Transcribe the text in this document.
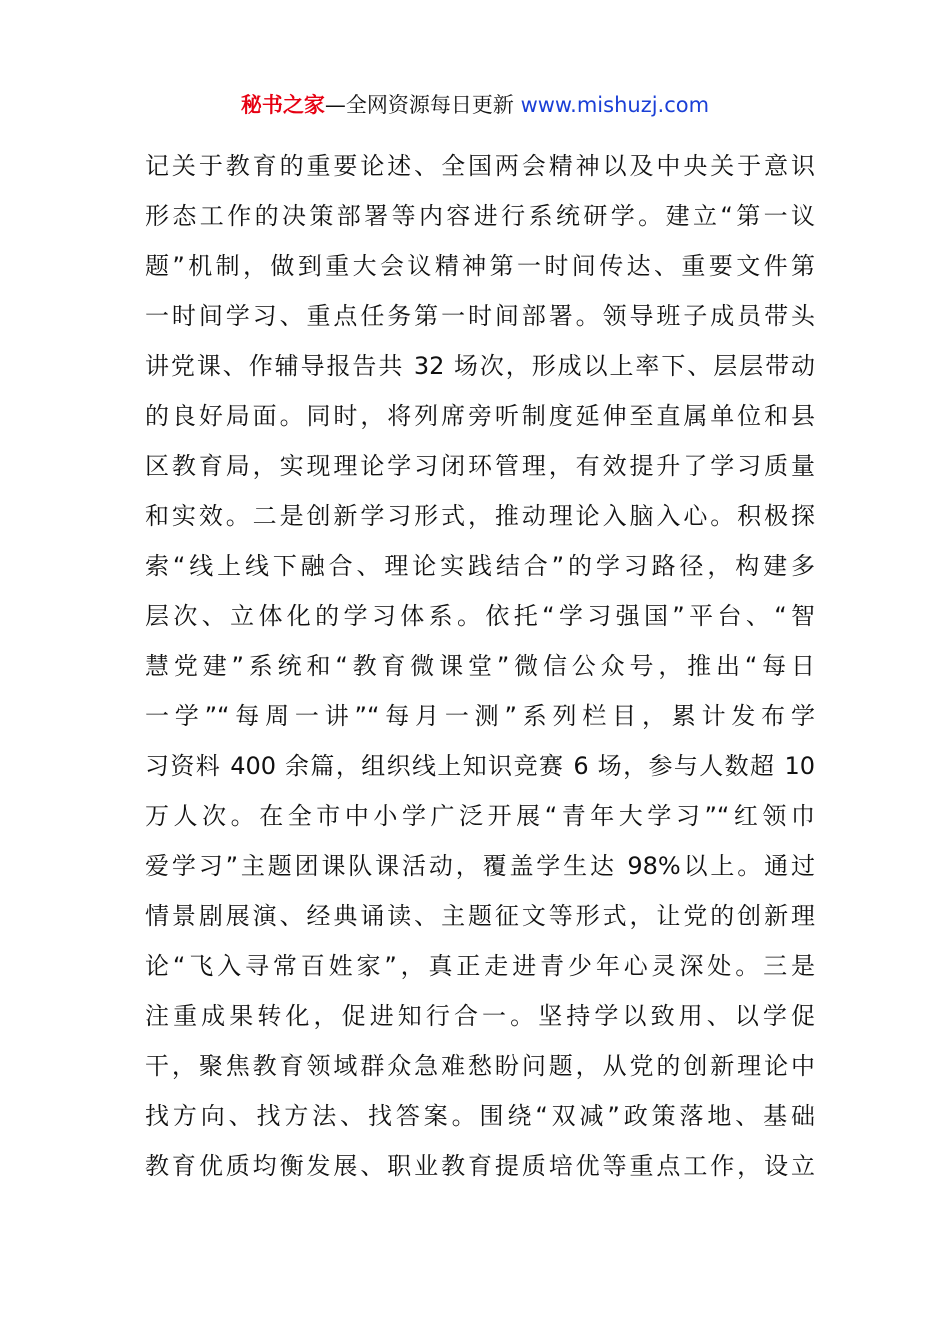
秘书之家—全网资源每日更新 www.mishuzj.com
记关于教育的重要论述、全国两会精神以及中央关于意识
形态工作的决策部署等内容进行系统研学。建立“第一议
题”机制，做到重大会议精神第一时间传达、重要文件第
一时间学习、重点任务第一时间部署。领导班子成员带头
讲党课、作辅导报告共 32 场次，形成以上率下、层层带动
的良好局面。同时，将列席旁听制度延伸至直属单位和县
区教育局，实现理论学习闭环管理，有效提升了学习质量
和实效。二是创新学习形式，推动理论入脑入心。积极探
索“线上线下融合、理论实践结合”的学习路径，构建多
层次、立体化的学习体系。依托“学习强国”平台、“智
慧党建”系统和“教育微课堂”微信公众号，推出“每日
一学”“每周一讲”“每月一测”系列栏目，累计发布学
习资料 400 余篇，组织线上知识竞赛 6 场，参与人数超 10
万人次。在全市中小学广泛开展“青年大学习”“红领巾
爱学习”主题团课队课活动，覆盖学生达 98%以上。通过
情景剧展演、经典诵读、主题征文等形式，让党的创新理
论“飞入寻常百姓家”，真正走进青少年心灵深处。三是
注重成果转化，促进知行合一。坚持学以致用、以学促
干，聚焦教育领域群众急难愁盼问题，从党的创新理论中
找方向、找方法、找答案。围绕“双减”政策落地、基础
教育优质均衡发展、职业教育提质培优等重点工作，设立
